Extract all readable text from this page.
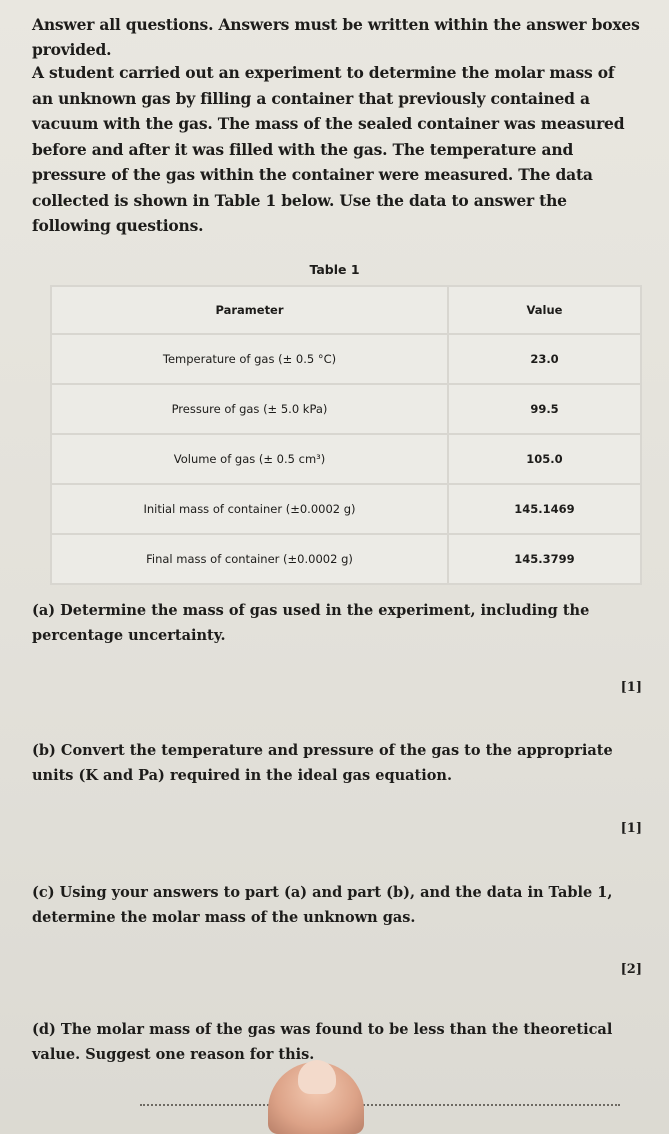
Answer all questions. Answers must be written within the answer boxes provided.
A student carried out an experiment to determine the molar mass of an unknown gas by filling a container that previously contained a vacuum with the gas. The mass of the sealed container was measured before and after it was filled with the gas. The temperature and pressure of the gas within the container were measured. The data collected is shown in Table 1 below. Use the data to answer the following questions.
Table 1
Parameter	Value
Temperature of gas (± 0.5 °C)	23.0
Pressure of gas (± 5.0 kPa)	99.5
Volume of gas (± 0.5 cm³)	105.0
Initial mass of container (±0.0002 g)	145.1469
Final mass of container (±0.0002 g)	145.3799
(a) Determine the mass of gas used in the experiment, including the percentage uncertainty.
[1]
(b) Convert the temperature and pressure of the gas to the appropriate units (K and Pa) required in the ideal gas equation.
[1]
(c) Using your answers to part (a) and part (b), and the data in Table 1, determine the molar mass of the unknown gas.
[2]
(d) The molar mass of the gas was found to be less than the theoretical value. Suggest one reason for this.
